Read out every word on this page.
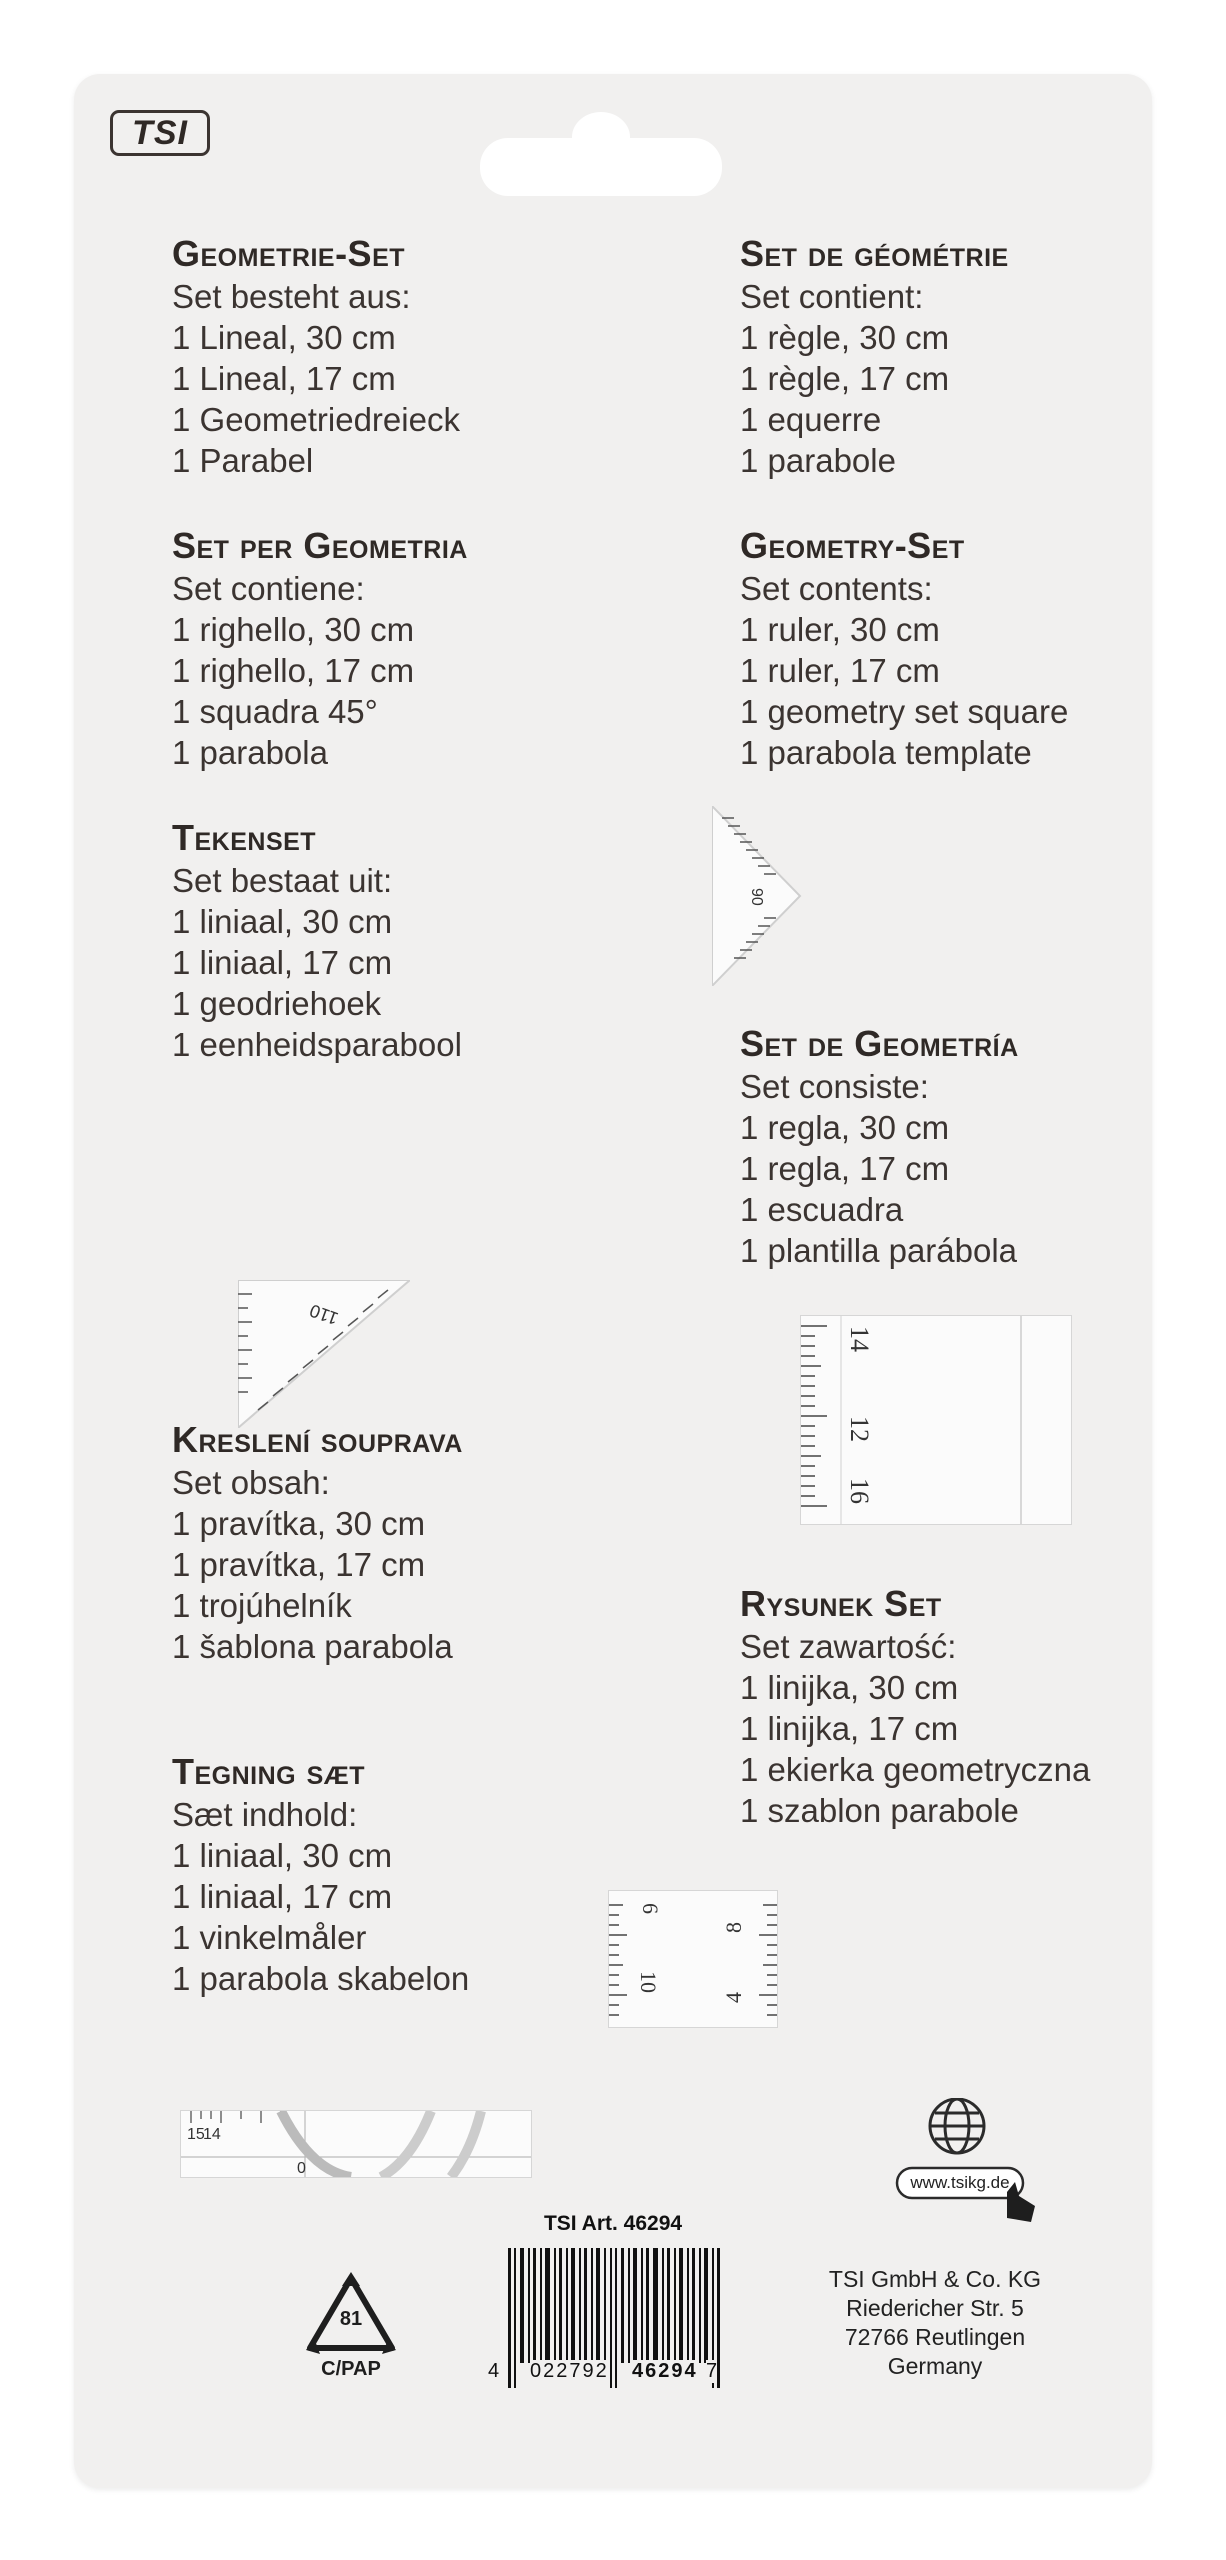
TSI
Geometrie-Set
Set besteht aus:
1 Lineal, 30 cm
1 Lineal, 17 cm
1 Geometriedreieck
1 Parabel
Set de géométrie
Set contient:
1 règle, 30 cm
1 règle, 17 cm
1 equerre
1 parabole
Set per Geometria
Set contiene:
1 righello, 30 cm
1 righello, 17 cm
1 squadra 45°
1 parabola
Geometry-Set
Set contents:
1 ruler, 30 cm
1 ruler, 17 cm
1 geometry set square
1 parabola template
Tekenset
Set bestaat uit:
1 liniaal, 30 cm
1 liniaal, 17 cm
1 geodriehoek
1 eenheidsparabool	Set de Geometría
Set consiste:
1 regla, 30 cm
1 regla, 17 cm
1 escuadra
1 plantilla parábola
Kreslení souprava
Set obsah:
1 pravítka, 30 cm
1 pravítka, 17 cm
1 trojúhelník
1 šablona parabola
Rysunek Set
Set zawartość:
1 linijka, 30 cm
1 linijka, 17 cm
1 ekierka geometryczna
1 szablon parabole
Tegning sæt
Sæt indhold:
1 liniaal, 30 cm
1 liniaal, 17 cm
1 vinkelmåler
1 parabola skabelon
90
110
14
12
16
6
10
8
4
15
14
0
www.tsikg.de
TSI Art. 46294
81
C/PAP	4 022792 46294 7
TSI GmbH & Co. KG
Riedericher Str. 5
72766 Reutlingen
Germany
